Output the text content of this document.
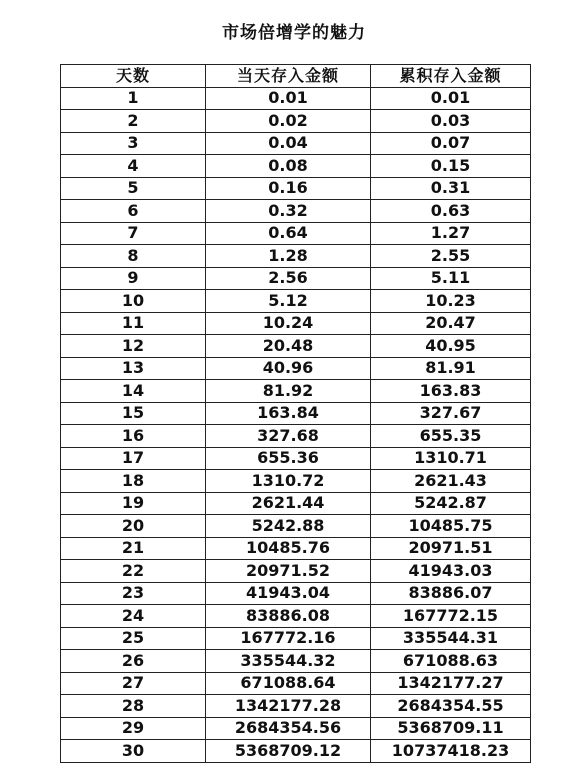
市场倍增学的魅力
天数	当天存入金额	累积存入金额
1	0.01	0.01
2	0.02	0.03
3	0.04	0.07
4	0.08	0.15
5	0.16	0.31
6	0.32	0.63
7	0.64	1.27
8	1.28	2.55
9	2.56	5.11
10	5.12	10.23
11	10.24	20.47
12	20.48	40.95
13	40.96	81.91
14	81.92	163.83
15	163.84	327.67
16	327.68	655.35
17	655.36	1310.71
18	1310.72	2621.43
19	2621.44	5242.87
20	5242.88	10485.75
21	10485.76	20971.51
22	20971.52	41943.03
23	41943.04	83886.07
24	83886.08	167772.15
25	167772.16	335544.31
26	335544.32	671088.63
27	671088.64	1342177.27
28	1342177.28	2684354.55
29	2684354.56	5368709.11
30	5368709.12	10737418.23
